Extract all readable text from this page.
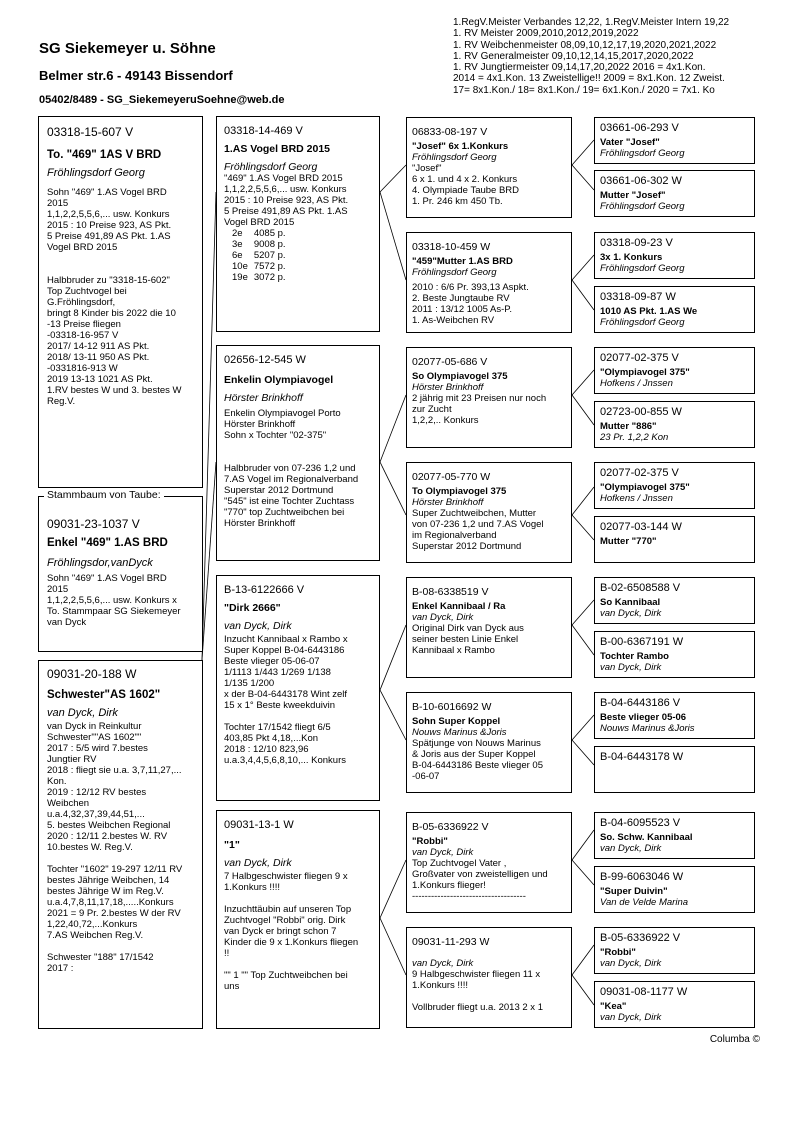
SG Siekemeyer u. Söhne
Belmer str.6 - 49143 Bissendorf
05402/8489 - SG_SiekemeyeruSoehne@web.de
1.RegV.Meister Verbandes 12,22, 1.RegV.Meister Intern 19,22
1. RV Meister 2009,2010,2012,2019,2022
1. RV Weibchenmeister 08,09,10,12,17,19,2020,2021,2022
1. RV Generalmeister 09,10,12,14,15,2017,2020,2022
1. RV Jungtiermeister 09,14,17,20,2022 2016 = 4x1.Kon.
2014 = 4x1.Kon. 13 Zweistellige!! 2009 = 8x1.Kon. 12 Zweist.
17= 8x1.Kon./ 18= 8x1.Kon./ 19= 6x1.Kon./ 2020 = 7x1. Ko
03318-15-607 V
To. "469" 1AS V BRD
Fröhlingsdorf Georg
Sohn "469" 1.AS Vogel BRD
2015
1,1,2,2,5,5,6,... usw. Konkurs
2015 : 10 Preise 923, AS Pkt.
5 Preise 491,89 AS Pkt. 1.AS
Vogel BRD 2015
Halbbruder zu "3318-15-602"
Top Zuchtvogel bei
G.Fröhlingsdorf,
bringt 8 Kinder bis 2022 die 10
-13 Preise fliegen
-03318-16-957 V
2017/ 14-12 911 AS Pkt.
2018/ 13-11 950 AS Pkt.
-0331816-913 W
2019 13-13 1021 AS Pkt.
1.RV bestes W und 3. bestes W
Reg.V.
09031-23-1037 V
Enkel "469" 1.AS BRD
Fröhlingsdor,vanDyck
Sohn "469" 1.AS Vogel BRD
2015
1,1,2,2,5,5,6,... usw. Konkurs x
To. Stammpaar SG Siekemeyer
van Dyck
Stammbaum von Taube:
09031-20-188 W
Schwester"AS 1602"
van Dyck, Dirk
van Dyck in Reinkultur
Schwester""AS 1602""
2017 : 5/5 wird 7.bestes
Jungtier RV
2018 : fliegt sie u.a. 3,7,11,27,...
Kon.
2019 : 12/12 RV bestes
Weibchen
u.a.4,32,37,39,44,51,...
5. bestes Weibchen Regional
2020 : 12/11 2.bestes W. RV
10.bestes W. Reg.V.
Tochter "1602" 19-297 12/11 RV
bestes Jährige Weibchen, 14
bestes Jährige W im Reg.V.
u.a.4,7,8,11,17,18,.....Konkurs
2021 = 9 Pr. 2.bestes W der RV
1,22,40,72,...Konkurs
7.AS Weibchen Reg.V.
Schwester "188" 17/1542
2017 :
03318-14-469 V
1.AS Vogel BRD 2015
Fröhlingsdorf Georg
"469" 1.AS Vogel BRD 2015
1,1,2,2,5,5,6,... usw. Konkurs
2015 : 10 Preise 923, AS Pkt.
5 Preise 491,89 AS Pkt. 1.AS
Vogel BRD 2015
2e	4085 p.
3e	9008 p.
6e	5207 p.
10e	7572 p.
19e	3072 p.
02656-12-545 W
Enkelin Olympiavogel
Hörster Brinkhoff
Enkelin Olympiavogel Porto
Hörster Brinkhoff
Sohn x Tochter "02-375"
Halbbruder von 07-236 1,2 und
7.AS Vogel im Regionalverband
Superstar 2012 Dortmund
"545" ist eine Tochter Zuchtass
"770" top Zuchtweibchen bei
Hörster Brinkhoff
B-13-6122666 V
"Dirk 2666"
van Dyck, Dirk
Inzucht Kannibaal x Rambo x
Super Koppel B-04-6443186
Beste vlieger 05-06-07
1/1113 1/443 1/269 1/138
1/135 1/200
x der B-04-6443178 Wint zelf
15 x 1° Beste kweekduivin
Tochter 17/1542 fliegt 6/5
403,85 Pkt 4,18,...Kon
2018 : 12/10 823,96
u.a.3,4,4,5,6,8,10,... Konkurs
09031-13-1 W
"1"
van Dyck, Dirk
7 Halbgeschwister fliegen 9 x
1.Konkurs !!!!
Inzuchttäubin auf unseren Top
Zuchtvogel "Robbi" orig. Dirk
van Dyck er bringt schon 7
Kinder die 9 x 1.Konkurs fliegen
!!
"" 1 "" Top Zuchtweibchen bei
uns
06833-08-197 V
"Josef" 6x 1.Konkurs
Fröhlingsdorf Georg
"Josef"
6 x 1. und 4 x 2. Konkurs
4. Olympiade Taube BRD
1. Pr. 246 km 450 Tb.
03318-10-459 W
"459"Mutter 1.AS BRD
Fröhlingsdorf Georg
2010 : 6/6 Pr. 393,13 Aspkt.
2. Beste Jungtaube RV
2011 : 13/12 1005 As-P.
1. As-Weibchen RV
02077-05-686 V
So Olympiavogel 375
Hörster Brinkhoff
2 jährig mit 23 Preisen nur noch
zur Zucht
1,2,2,.. Konkurs
02077-05-770 W
To Olympiavogel 375
Hörster Brinkhoff
Super Zuchtweibchen, Mutter
von 07-236 1,2 und 7.AS Vogel
im Regionalverband
Superstar 2012 Dortmund
B-08-6338519 V
Enkel Kannibaal / Ra
van Dyck, Dirk
Original Dirk van Dyck aus
seiner besten Linie Enkel
Kannibaal x Rambo
B-10-6016692 W
Sohn Super Koppel
Nouws Marinus &Joris
Spätjunge von Nouws Marinus
& Joris aus der Super Koppel
B-04-6443186 Beste vlieger 05
-06-07
B-05-6336922 V
"Robbi"
van Dyck, Dirk
Top Zuchtvogel Vater ,
Großvater von zweistelligen und
1.Konkurs flieger!
------------------------------------
09031-11-293 W
van Dyck, Dirk
9 Halbgeschwister fliegen 11 x
1.Konkurs !!!!
Vollbruder fliegt u.a. 2013 2 x 1
03661-06-293 V
Vater "Josef"
Fröhlingsdorf Georg
03661-06-302 W
Mutter "Josef"
Fröhlingsdorf Georg
03318-09-23 V
3x 1. Konkurs
Fröhlingsdorf Georg
03318-09-87 W
1010 AS Pkt. 1.AS We
Fröhlingsdorf Georg
02077-02-375 V
"Olympiavogel 375"
Hofkens / Jnssen
02723-00-855 W
Mutter "886"
23 Pr. 1,2,2 Kon
02077-02-375 V
"Olympiavogel 375"
Hofkens / Jnssen
02077-03-144 W
Mutter "770"
B-02-6508588 V
So Kannibaal
van Dyck, Dirk
B-00-6367191 W
Tochter Rambo
van Dyck, Dirk
B-04-6443186 V
Beste vlieger 05-06
Nouws Marinus &Joris
B-04-6443178 W
B-04-6095523 V
So. Schw. Kannibaal
van Dyck, Dirk
B-99-6063046 W
"Super Duivin"
Van de Velde Marina
B-05-6336922 V
"Robbi"
van Dyck, Dirk
09031-08-1177 W
"Kea"
van Dyck, Dirk
Columba ©
